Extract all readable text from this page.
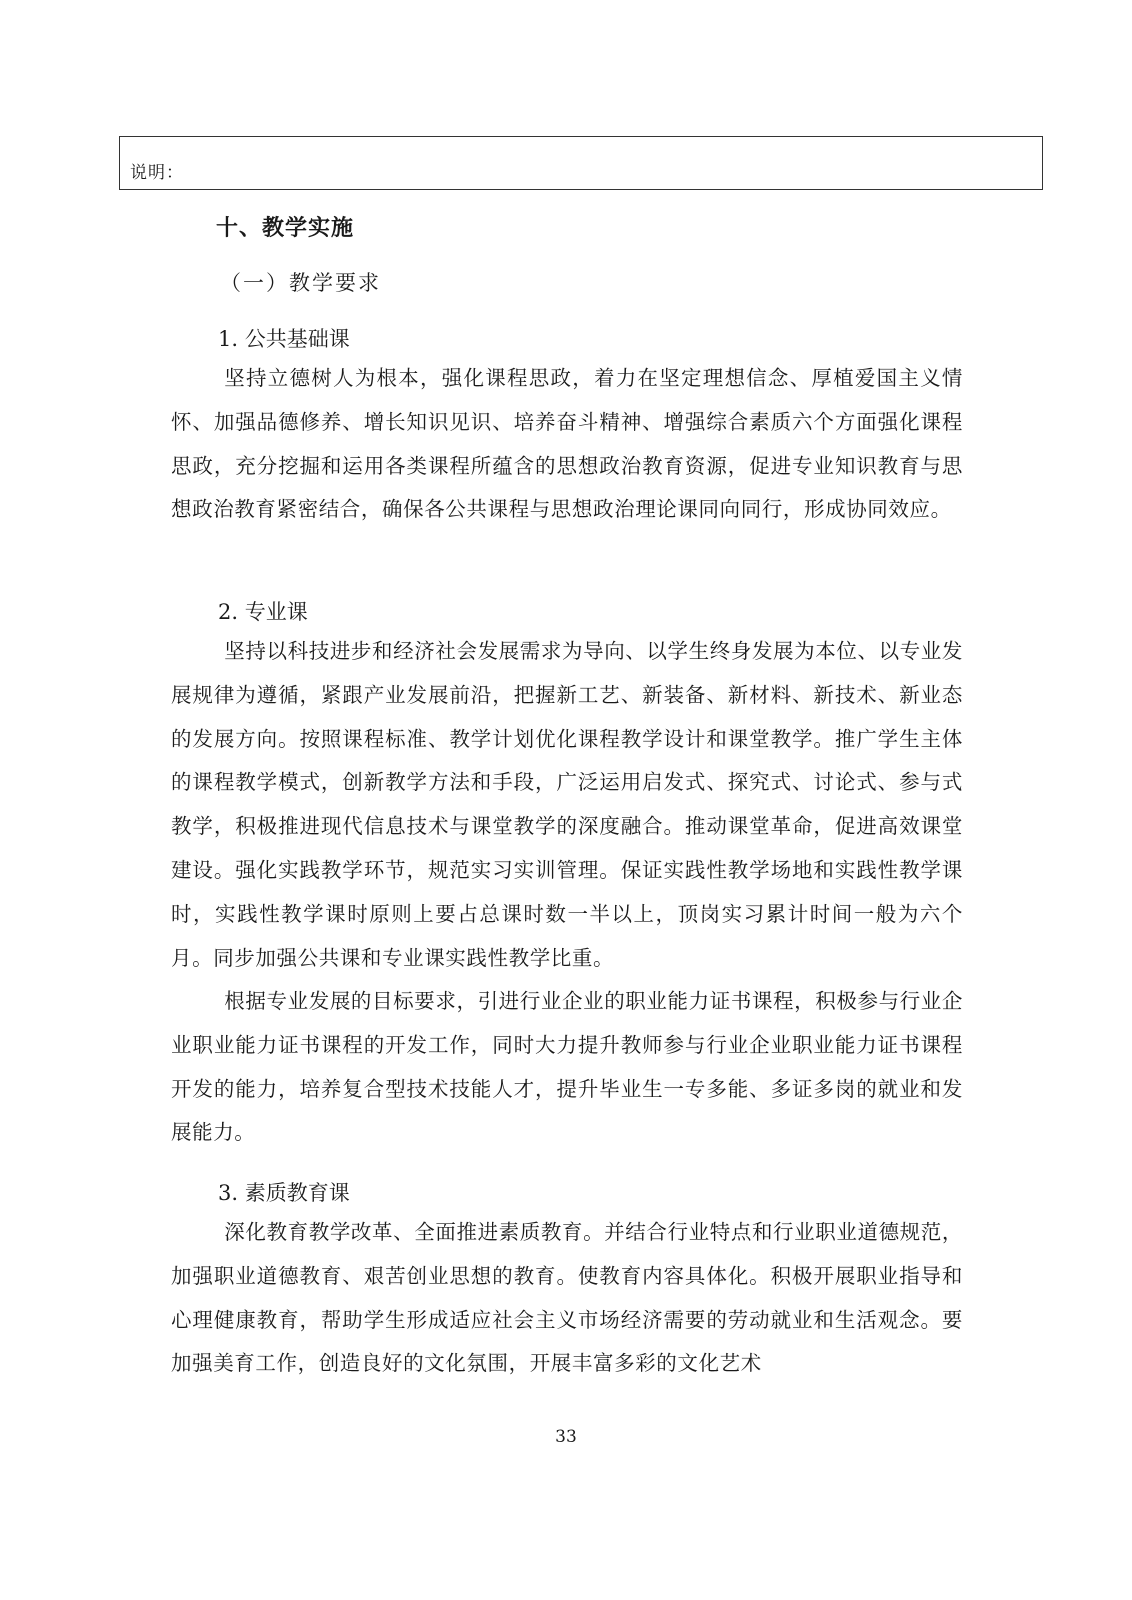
说明：
十、教学实施
（一）教学要求
1. 公共基础课

坚持立德树人为根本，强化课程思政，着力在坚定理想信念、厚植爱国主义情怀、加强品德修养、增长知识见识、培养奋斗精神、增强综合素质六个方面强化课程思政，充分挖掘和运用各类课程所蕴含的思想政治教育资源，促进专业知识教育与思想政治教育紧密结合，确保各公共课程与思想政治理论课同向同行，形成协同效应。

2. 专业课

坚持以科技进步和经济社会发展需求为导向、以学生终身发展为本位、以专业发展规律为遵循，紧跟产业发展前沿，把握新工艺、新装备、新材料、新技术、新业态的发展方向。按照课程标准、教学计划优化课程教学设计和课堂教学。推广学生主体的课程教学模式，创新教学方法和手段，广泛运用启发式、探究式、讨论式、参与式教学，积极推进现代信息技术与课堂教学的深度融合。推动课堂革命，促进高效课堂建设。强化实践教学环节，规范实习实训管理。保证实践性教学场地和实践性教学课时，实践性教学课时原则上要占总课时数一半以上，顶岗实习累计时间一般为六个月。同步加强公共课和专业课实践性教学比重。

根据专业发展的目标要求，引进行业企业的职业能力证书课程，积极参与行业企业职业能力证书课程的开发工作，同时大力提升教师参与行业企业职业能力证书课程开发的能力，培养复合型技术技能人才，提升毕业生一专多能、多证多岗的就业和发展能力。

3. 素质教育课

深化教育教学改革、全面推进素质教育。并结合行业特点和行业职业道德规范，加强职业道德教育、艰苦创业思想的教育。使教育内容具体化。积极开展职业指导和心理健康教育，帮助学生形成适应社会主义市场经济需要的劳动就业和生活观念。要加强美育工作，创造良好的文化氛围，开展丰富多彩的文化艺术

33
